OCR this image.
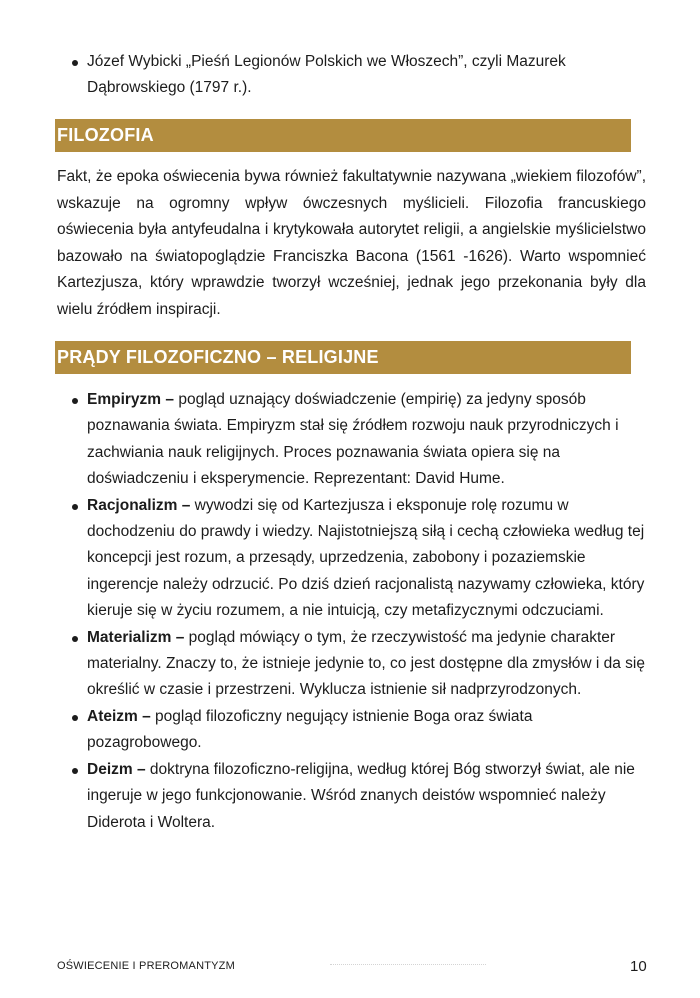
Józef Wybicki „Pieśń Legionów Polskich we Włoszech”, czyli Mazurek Dąbrowskiego (1797 r.).
FILOZOFIA
Fakt, że epoka oświecenia bywa również fakultatywnie nazywana „wiekiem filozofów”, wskazuje na ogromny wpływ ówczesnych myślicieli. Filozofia francuskiego oświecenia była antyfeudalna i krytykowała autorytet religii, a angielskie myślicielstwo bazowało na światopoglądzie Franciszka Bacona (1561 -1626). Warto wspomnieć Kartezjusza, który wprawdzie tworzył wcześniej, jednak jego przekonania były dla wielu źródłem inspiracji.
PRĄDY FILOZOFICZNO – RELIGIJNE
Empiryzm – pogląd uznający doświadczenie (empirię) za jedyny sposób poznawania świata. Empiryzm stał się źródłem rozwoju nauk przyrodniczych i zachwiania nauk religijnych. Proces poznawania świata opiera się na doświadczeniu i eksperymencie. Reprezentant: David Hume.
Racjonalizm – wywodzi się od Kartezjusza i eksponuje rolę rozumu w dochodzeniu do prawdy i wiedzy. Najistotniejszą siłą i cechą człowieka według tej koncepcji jest rozum, a przesądy, uprzedzenia, zabobony i pozaziemskie ingerencje należy odrzucić. Po dziś dzień racjonalistą nazywamy człowieka, który kieruje się w życiu rozumem, a nie intuicją, czy metafizycznymi odczuciami.
Materializm – pogląd mówiący o tym, że rzeczywistość ma jedynie charakter materialny. Znaczy to, że istnieje jedynie to, co jest dostępne dla zmysłów i da się określić w czasie i przestrzeni. Wyklucza istnienie sił nadprzyrodzonych.
Ateizm – pogląd filozoficzny negujący istnienie Boga oraz świata pozagrobowego.
Deizm – doktryna filozoficzno-religijna, według której Bóg stworzył świat, ale nie ingeruje w jego funkcjonowanie. Wśród znanych deistów wspomnieć należy Diderota i Woltera.
OŚWIECENIE I PREROMANTYZM	10
